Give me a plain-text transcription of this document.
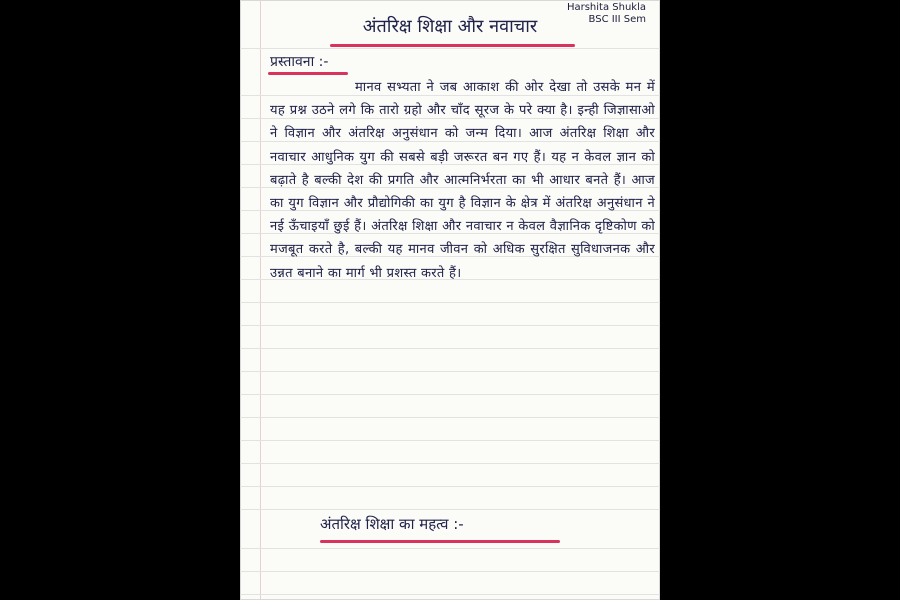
Harshita Shukla
BSC III Sem
अंतरिक्ष शिक्षा और नवाचार
प्रस्तावना :-
मानव सभ्यता ने जब आकाश की ओर देखा तो उसके मन में यह प्रश्न उठने लगे कि तारो ग्रहो और चाँद सूरज के परे क्या है। इन्ही जिज्ञासाओ ने विज्ञान और अंतरिक्ष अनुसंधान को जन्म दिया। आज अंतरिक्ष शिक्षा और नवाचार आधुनिक युग की सबसे बड़ी जरूरत बन गए हैं। यह न केवल ज्ञान को बढ़ाते है बल्की देश की प्रगति और आत्मनिर्भरता का भी आधार बनते हैं। आज का युग विज्ञान और प्रौद्योगिकी का युग है विज्ञान के क्षेत्र में अंतरिक्ष अनुसंधान ने नई ऊँचाइयाँ छुई हैं। अंतरिक्ष शिक्षा और नवाचार न केवल वैज्ञानिक दृष्टिकोण को मजबूत करते है, बल्की यह मानव जीवन को अधिक सुरक्षित सुविधाजनक और उन्नत बनाने का मार्ग भी प्रशस्त करते हैं।
अंतरिक्ष शिक्षा का महत्व :-
